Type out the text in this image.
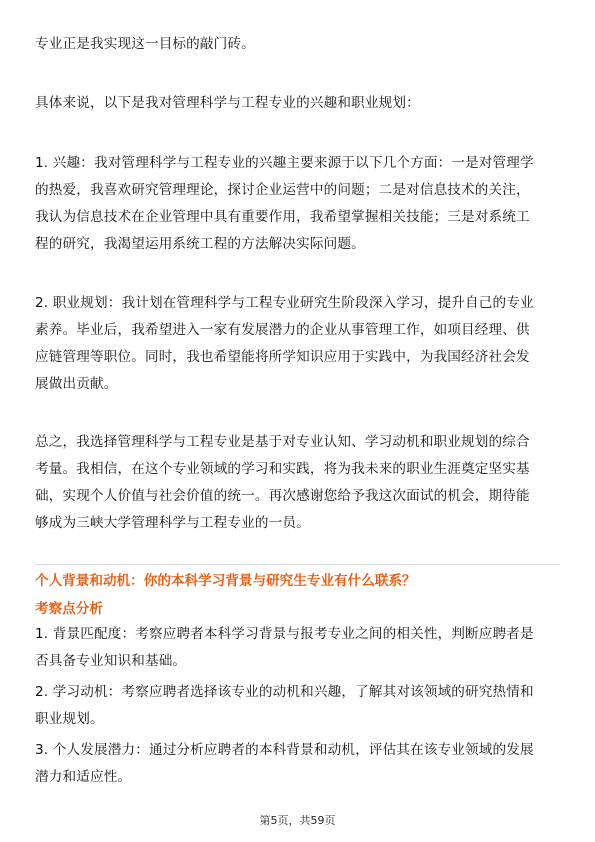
专业正是我实现这一目标的敲门砖。
具体来说，以下是我对管理科学与工程专业的兴趣和职业规划：
1. 兴趣：我对管理科学与工程专业的兴趣主要来源于以下几个方面：一是对管理学
的热爱，我喜欢研究管理理论，探讨企业运营中的问题；二是对信息技术的关注，
我认为信息技术在企业管理中具有重要作用，我希望掌握相关技能；三是对系统工
程的研究，我渴望运用系统工程的方法解决实际问题。
2. 职业规划：我计划在管理科学与工程专业研究生阶段深入学习，提升自己的专业
素养。毕业后，我希望进入一家有发展潜力的企业从事管理工作，如项目经理、供
应链管理等职位。同时，我也希望能将所学知识应用于实践中，为我国经济社会发
展做出贡献。
总之，我选择管理科学与工程专业是基于对专业认知、学习动机和职业规划的综合
考量。我相信，在这个专业领域的学习和实践，将为我未来的职业生涯奠定坚实基
础，实现个人价值与社会价值的统一。再次感谢您给予我这次面试的机会，期待能
够成为三峡大学管理科学与工程专业的一员。
个人背景和动机：你的本科学习背景与研究生专业有什么联系？
考察点分析
1. 背景匹配度：考察应聘者本科学习背景与报考专业之间的相关性，判断应聘者是
否具备专业知识和基础。
2. 学习动机：考察应聘者选择该专业的动机和兴趣，了解其对该领域的研究热情和
职业规划。
3. 个人发展潜力：通过分析应聘者的本科背景和动机，评估其在该专业领域的发展
潜力和适应性。
第5页，共59页
